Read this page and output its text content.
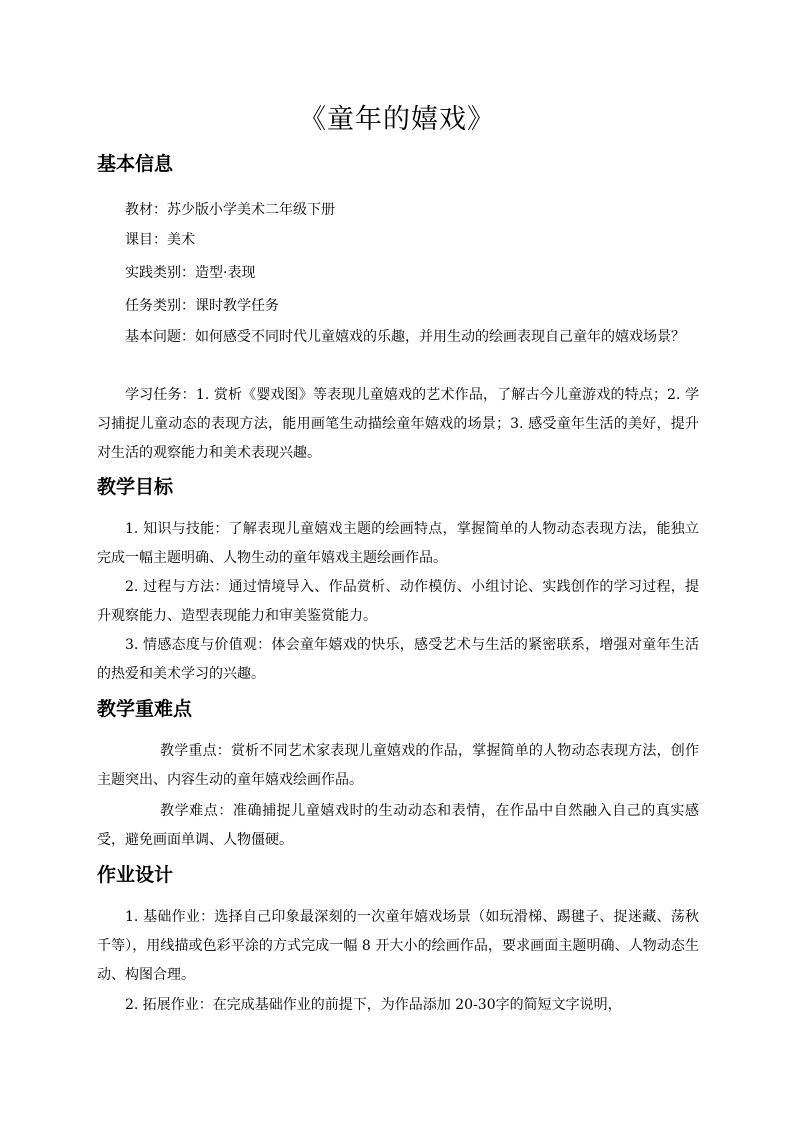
《童年的嬉戏》
基本信息

教材：苏少版小学美术二年级下册

课目：美术

实践类别：造型·表现

任务类别：课时教学任务

基本问题：如何感受不同时代儿童嬉戏的乐趣，并用生动的绘画表现自己童年的嬉戏场景？

学习任务：1. 赏析《婴戏图》等表现儿童嬉戏的艺术作品，了解古今儿童游戏的特点；2. 学习捕捉儿童动态的表现方法，能用画笔生动描绘童年嬉戏的场景；3. 感受童年生活的美好，提升对生活的观察能力和美术表现兴趣。

教学目标

1. 知识与技能：了解表现儿童嬉戏主题的绘画特点，掌握简单的人物动态表现方法，能独立完成一幅主题明确、人物生动的童年嬉戏主题绘画作品。

2. 过程与方法：通过情境导入、作品赏析、动作模仿、小组讨论、实践创作的学习过程，提升观察能力、造型表现能力和审美鉴赏能力。

3. 情感态度与价值观：体会童年嬉戏的快乐，感受艺术与生活的紧密联系，增强对童年生活的热爱和美术学习的兴趣。

教学重难点

教学重点：赏析不同艺术家表现儿童嬉戏的作品，掌握简单的人物动态表现方法，创作主题突出、内容生动的童年嬉戏绘画作品。

教学难点：准确捕捉儿童嬉戏时的生动动态和表情，在作品中自然融入自己的真实感受，避免画面单调、人物僵硬。

作业设计

1. 基础作业：选择自己印象最深刻的一次童年嬉戏场景（如玩滑梯、踢毽子、捉迷藏、荡秋千等），用线描或色彩平涂的方式完成一幅 8 开大小的绘画作品，要求画面主题明确、人物动态生动、构图合理。

2. 拓展作业：在完成基础作业的前提下，为作品添加 20-30字的简短文字说明，
